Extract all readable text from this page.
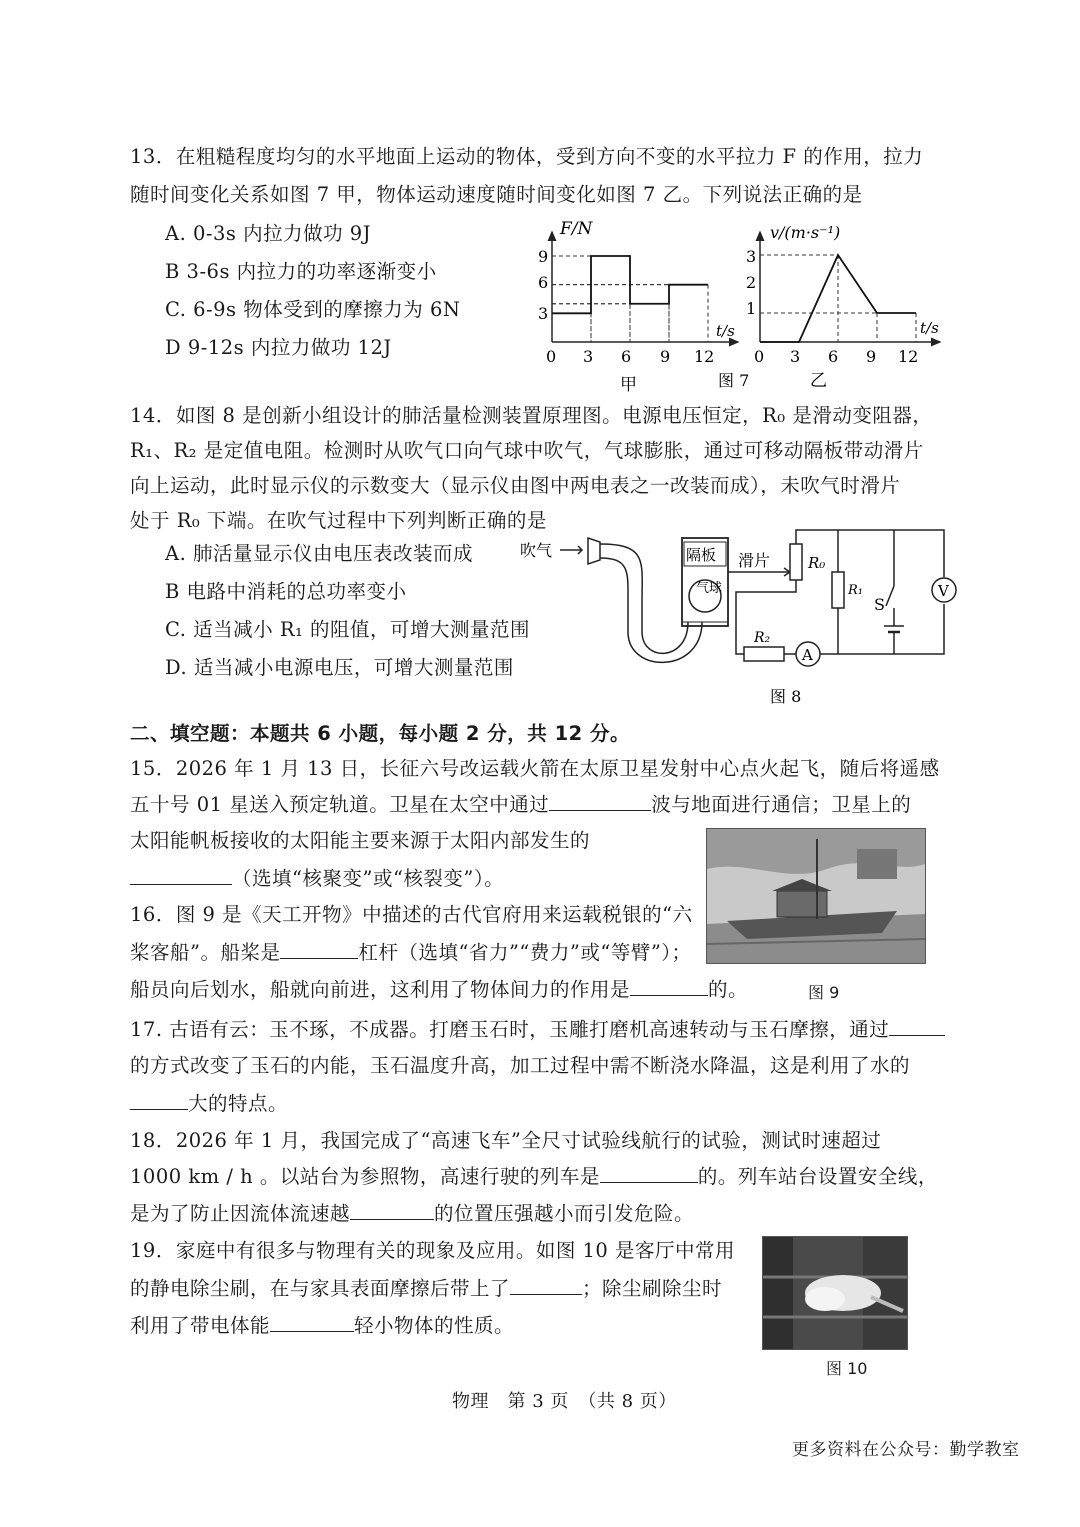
13．在粗糙程度均匀的水平地面上运动的物体，受到方向不变的水平拉力 F 的作用，拉力
随时间变化关系如图 7 甲，物体运动速度随时间变化如图 7 乙。下列说法正确的是
A. 0-3s 内拉力做功 9J
B 3-6s 内拉力的功率逐渐变小
C. 6-9s 物体受到的摩擦力为 6N
D 9-12s 内拉力做功 12J
F/N
t/s
3
6
9
0 3 6 9 12
v/(m·s⁻¹)
t/s
1
2
3
0 3 6 9 12
甲	图 7	乙
14．如图 8 是创新小组设计的肺活量检测装置原理图。电源电压恒定，R₀ 是滑动变阻器，
R₁、R₂ 是定值电阻。检测时从吹气口向气球中吹气，气球膨胀，通过可移动隔板带动滑片
向上运动，此时显示仪的示数变大（显示仪由图中两电表之一改装而成），未吹气时滑片
处于 R₀ 下端。在吹气过程中下列判断正确的是
A. 肺活量显示仪由电压表改装而成
B 电路中消耗的总功率变小
C. 适当减小 R₁ 的阻值，可增大测量范围
D. 适当减小电源电压，可增大测量范围
吹气	隔板
气球
滑片	R₀
R₂
A
R₁
S
V
图 8
二、填空题：本题共 6 小题，每小题 2 分，共 12 分。
15．2026 年 1 月 13 日，长征六号改运载火箭在太原卫星发射中心点火起飞，随后将遥感
五十号 01 星送入预定轨道。卫星在太空中通过	波与地面进行通信；卫星上的
太阳能帆板接收的太阳能主要来源于太阳内部发生的
（选填“核聚变”或“核裂变”）。
16．图 9 是《天工开物》中描述的古代官府用来运载税银的“六
桨客船”。船桨是	杠杆（选填“省力”“费力”或“等臂”）；
船员向后划水，船就向前进，这利用了物体间力的作用是	的。	图 9
17. 古语有云：玉不琢，不成器。打磨玉石时，玉雕打磨机高速转动与玉石摩擦，通过
的方式改变了玉石的内能，玉石温度升高，加工过程中需不断浇水降温，这是利用了水的
大的特点。
18．2026 年 1 月，我国完成了“高速飞车”全尺寸试验线航行的试验，测试时速超过
1000 km / h 。以站台为参照物，高速行驶的列车是	的。列车站台设置安全线，
是为了防止因流体流速越	的位置压强越小而引发危险。
19．家庭中有很多与物理有关的现象及应用。如图 10 是客厅中常用
的静电除尘刷，在与家具表面摩擦后带上了	；除尘刷除尘时
利用了带电体能	轻小物体的性质。
图 10
物理　第 3 页　（共 8 页）
更多资料在公众号：勤学教室
